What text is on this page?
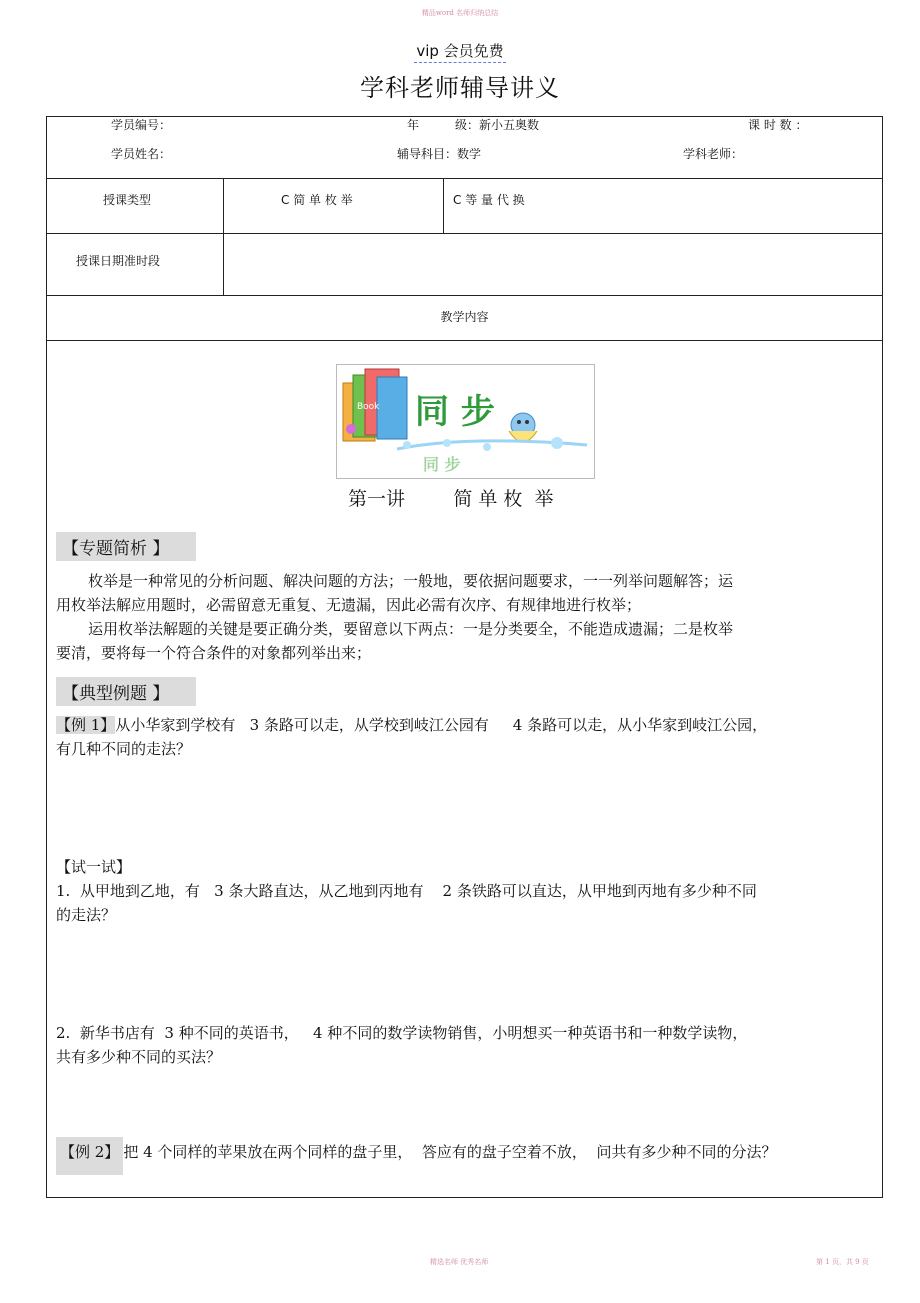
精品word 名师归纳总结
vip 会员免费
学科老师辅导讲义
学员编号：	年	级：新小五奥数	课 时 数 ：
学员姓名：	辅导科目：数学	学科老师：
授课类型	C 简 单 枚 举	C 等 量 代 换
授课日期准时段
教学内容
Book 同 步
同 步
第一讲        简 单 枚  举
【专题简析 】
枚举是一种常见的分析问题、解决问题的方法；一般地，要依据问题要求，一一列举问题解答；运
用枚举法解应用题时，必需留意无重复、无遗漏，因此必需有次序、有规律地进行枚举；
运用枚举法解题的关键是要正确分类，要留意以下两点：一是分类要全，不能造成遗漏；二是枚举
要清，要将每一个符合条件的对象都列举出来；
【典型例题 】
【例 1】从小华家到学校有   3 条路可以走，从学校到岐江公园有     4 条路可以走，从小华家到岐江公园，
有几种不同的走法？
【试一试】
1.  从甲地到乙地，有   3 条大路直达，从乙地到丙地有    2 条铁路可以直达，从甲地到丙地有多少种不同
的走法？
2.  新华书店有  3 种不同的英语书，   4 种不同的数学读物销售，小明想买一种英语书和一种数学读物，
共有多少种不同的买法？
【例 2】 把 4 个同样的苹果放在两个同样的盘子里，  答应有的盘子空着不放，  问共有多少种不同的分法？
精选名师 优秀名师	第 1 页，共 9 页
